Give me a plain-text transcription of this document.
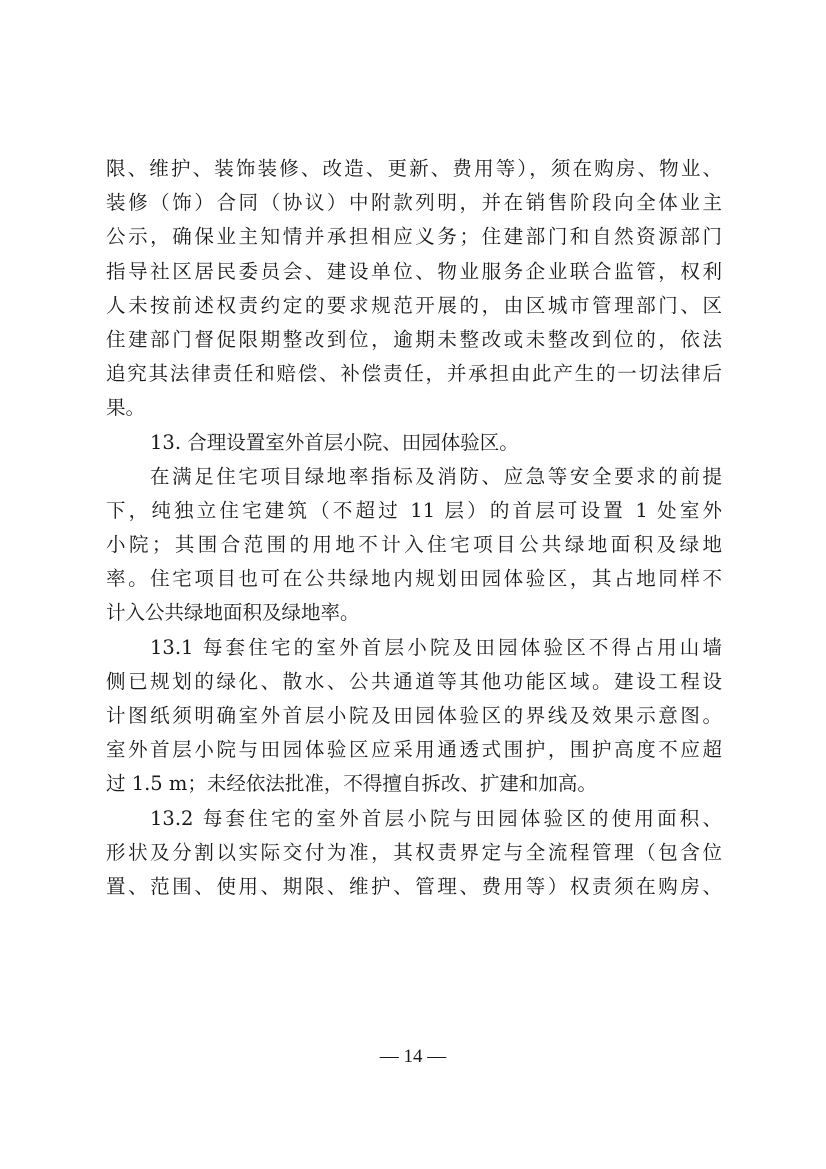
限、维护、装饰装修、改造、更新、费用等），须在购房、物业、
装修（饰）合同（协议）中附款列明，并在销售阶段向全体业主
公示，确保业主知情并承担相应义务；住建部门和自然资源部门
指导社区居民委员会、建设单位、物业服务企业联合监管，权利
人未按前述权责约定的要求规范开展的，由区城市管理部门、区
住建部门督促限期整改到位，逾期未整改或未整改到位的，依法
追究其法律责任和赔偿、补偿责任，并承担由此产生的一切法律后
果。
13. 合理设置室外首层小院、田园体验区。
在满足住宅项目绿地率指标及消防、应急等安全要求的前提
下，纯独立住宅建筑（不超过 11 层）的首层可设置 1 处室外
小院；其围合范围的用地不计入住宅项目公共绿地面积及绿地
率。住宅项目也可在公共绿地内规划田园体验区，其占地同样不
计入公共绿地面积及绿地率。
13.1 每套住宅的室外首层小院及田园体验区不得占用山墙
侧已规划的绿化、散水、公共通道等其他功能区域。建设工程设
计图纸须明确室外首层小院及田园体验区的界线及效果示意图。
室外首层小院与田园体验区应采用通透式围护，围护高度不应超
过 1.5 m；未经依法批准，不得擅自拆改、扩建和加高。
13.2 每套住宅的室外首层小院与田园体验区的使用面积、
形状及分割以实际交付为准，其权责界定与全流程管理（包含位
置、范围、使用、期限、维护、管理、费用等）权责须在购房、
— 14 —
